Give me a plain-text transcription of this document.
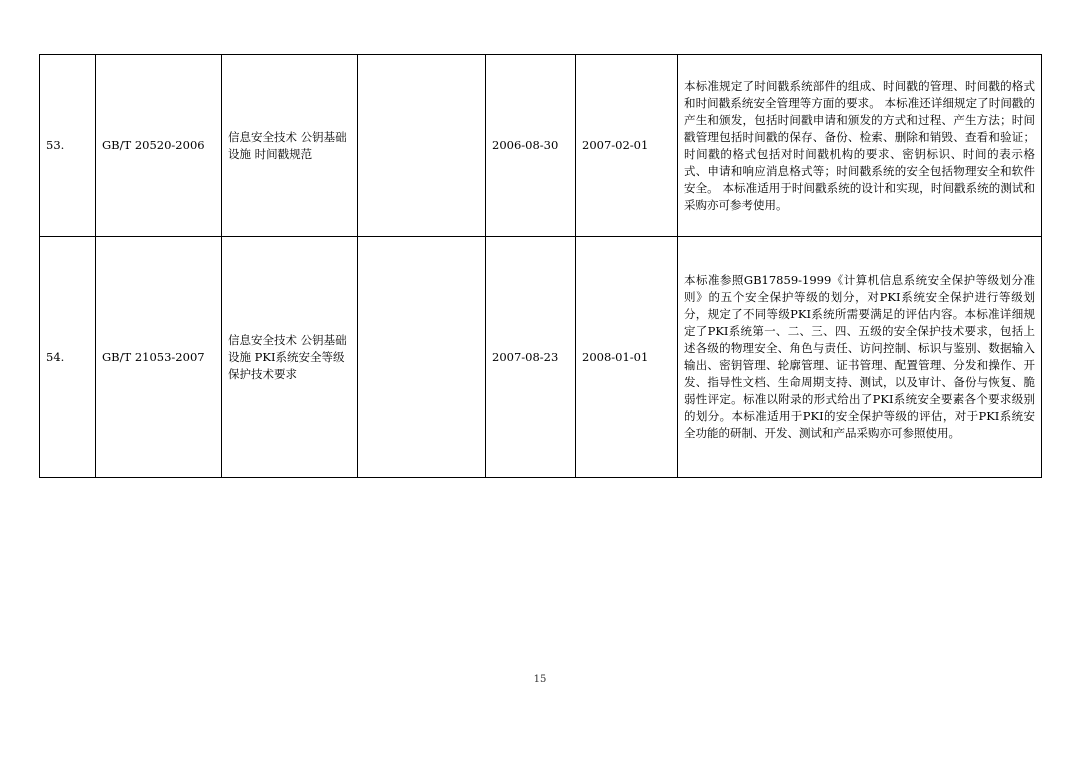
53.	GB/T 20520-2006	信息安全技术 公钥基础设施 时间戳规范		2006-08-30	2007-02-01	本标准规定了时间戳系统部件的组成、时间戳的管理、时间戳的格式和时间戳系统安全管理等方面的要求。 本标准还详细规定了时间戳的产生和颁发，包括时间戳申请和颁发的方式和过程、产生方法；时间戳管理包括时间戳的保存、备份、检索、删除和销毁、查看和验证；时间戳的格式包括对时间戳机构的要求、密钥标识、时间的表示格式、申请和响应消息格式等；时间戳系统的安全包括物理安全和软件安全。 本标准适用于时间戳系统的设计和实现，时间戳系统的测试和采购亦可参考使用。
54.	GB/T 21053-2007	信息安全技术 公钥基础设施 PKI系统安全等级保护技术要求		2007-08-23	2008-01-01	本标准参照GB17859-1999《计算机信息系统安全保护等级划分准则》的五个安全保护等级的划分，对PKI系统安全保护进行等级划分，规定了不同等级PKI系统所需要满足的评估内容。本标准详细规定了PKI系统第一、二、三、四、五级的安全保护技术要求，包括上述各级的物理安全、角色与责任、访问控制、标识与鉴别、数据输入输出、密钥管理、轮廓管理、证书管理、配置管理、分发和操作、开发、指导性文档、生命周期支持、测试，以及审计、备份与恢复、脆弱性评定。标准以附录的形式给出了PKI系统安全要素各个要求级别的划分。本标准适用于PKI的安全保护等级的评估，对于PKI系统安全功能的研制、开发、测试和产品采购亦可参照使用。
15
